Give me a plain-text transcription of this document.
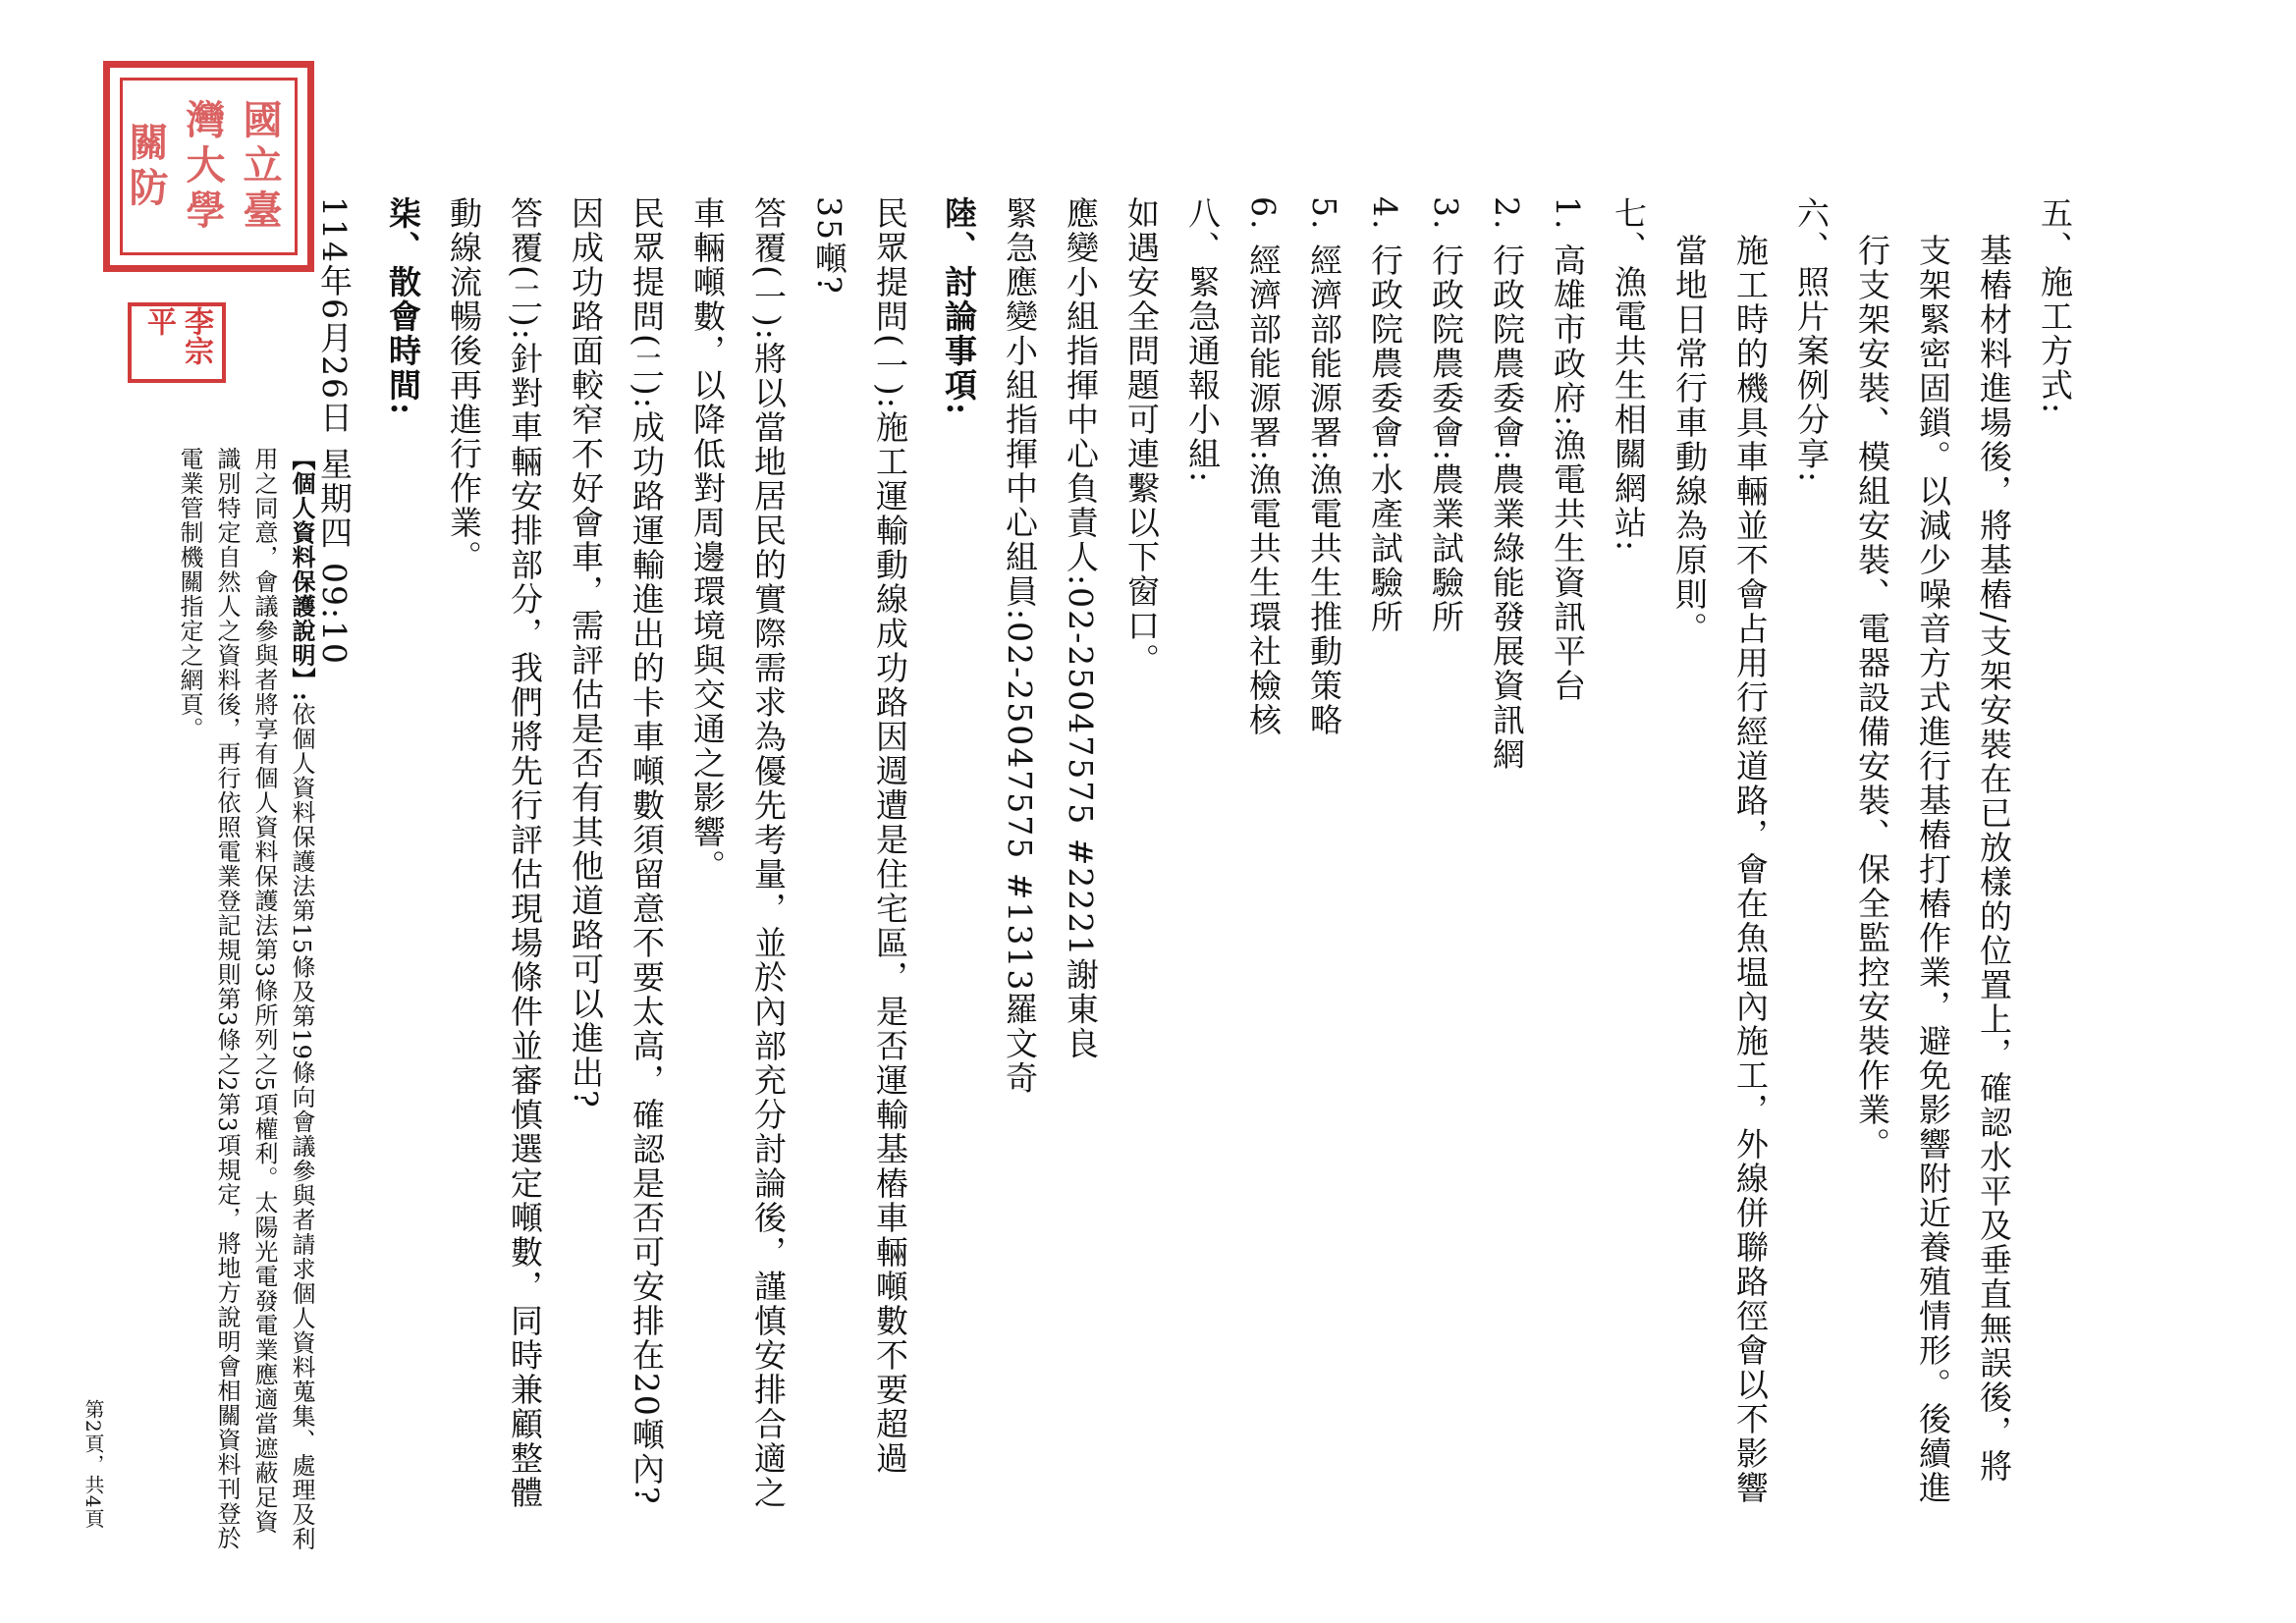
國立臺灣大學關防
李宗平	五、施工方式:

基樁材料進場後，將基樁/支架安裝在已放樣的位置上，確認水平及垂直無誤後，將支架緊密固鎖。以減少噪音方式進行基樁打樁作業，避免影響附近養殖情形。後續進行支架安裝、模組安裝、電器設備安裝、保全監控安裝作業。

六、照片案例分享:

施工時的機具車輛並不會占用行經道路，會在魚塭內施工，外線併聯路徑會以不影響當地日常行車動線為原則。

七、漁電共生相關網站:

1. 高雄市政府:漁電共生資訊平台

2. 行政院農委會:農業綠能發展資訊網

3. 行政院農委會:農業試驗所

4. 行政院農委會:水產試驗所

5. 經濟部能源署:漁電共生推動策略

6. 經濟部能源署:漁電共生環社檢核

八、緊急通報小組:

如遇安全問題可連繫以下窗口。

應變小組指揮中心負責人:02-25047575 #2221謝東良

緊急應變小組指揮中心組員:02-25047575 #1313羅文奇

陸、討論事項:

民眾提問(一):施工運輸動線成功路因週遭是住宅區，是否運輸基樁車輛噸數不要超過35噸?

答覆(一):將以當地居民的實際需求為優先考量，並於內部充分討論後，謹慎安排合適之車輛噸數，以降低對周邊環境與交通之影響。

民眾提問(二):成功路運輸進出的卡車噸數須留意不要太高，確認是否可安排在20噸內?因成功路面較窄不好會車，需評估是否有其他道路可以進出?

答覆(二):針對車輛安排部分，我們將先行評估現場條件並審慎選定噸數，同時兼顧整體動線流暢後再進行作業。

柒、散會時間:

114年6月26日 星期四 09:10

【個人資料保護說明】:依個人資料保護法第15條及第19條向會議參與者請求個人資料蒐集、處理及利用之同意，會議參與者將享有個人資料保護法第3條所列之5項權利。太陽光電發電業應適當遮蔽足資識別特定自然人之資料後，再行依照電業登記規則第3條之2第3項規定，將地方說明會相關資料刊登於電業管制機關指定之網頁。

第2頁，共4頁
